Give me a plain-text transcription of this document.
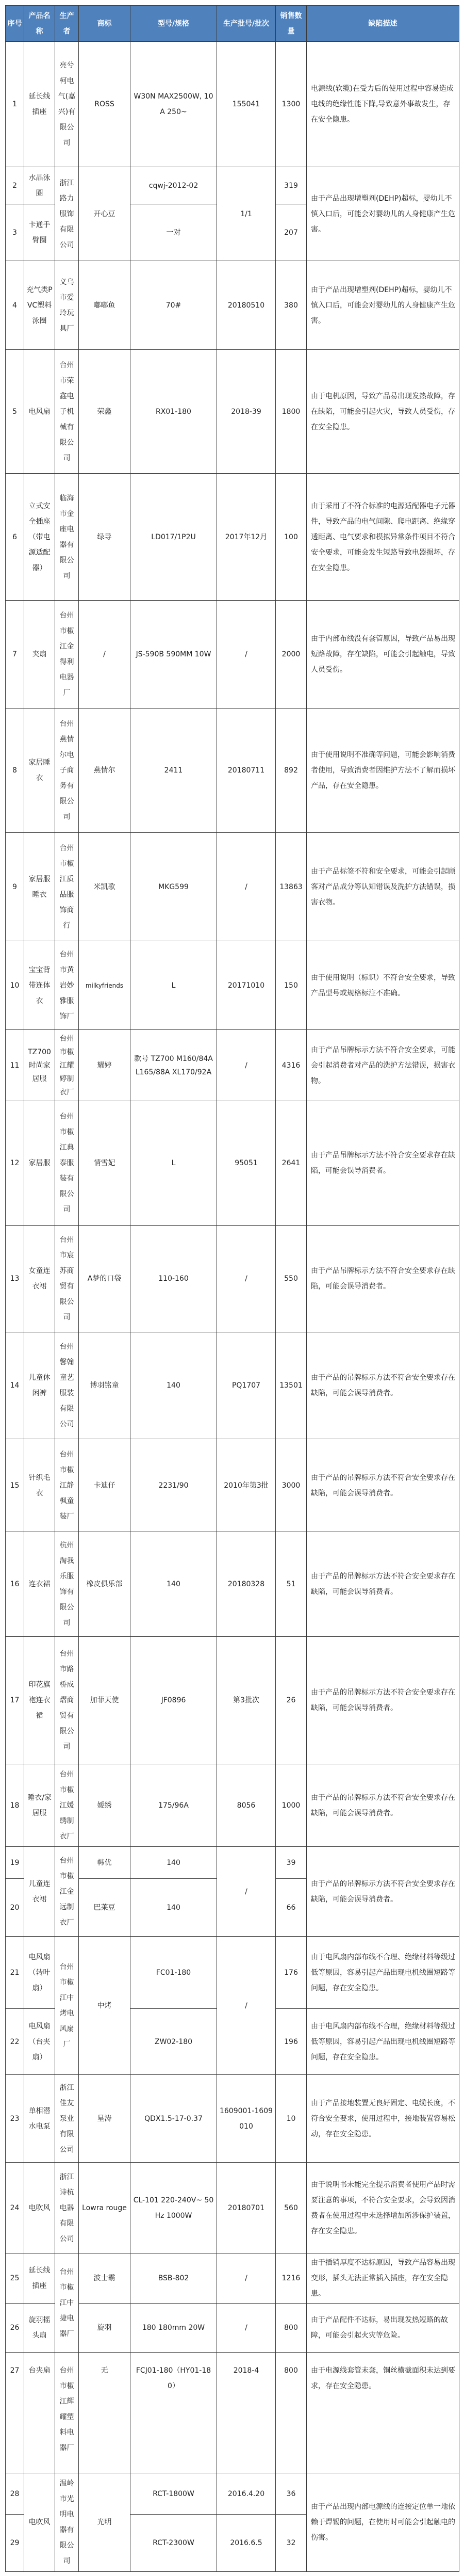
序号	产品名称	生产者	商标	型号/规格	生产批号/批次	销售数量	缺陷描述
1	延长线插座	亮兮柯电气(嘉兴)有限公司	ROSS	W30N MAX2500W, 10A 250~	155041	1300	电源线(软缆)在受力后的使用过程中容易造成电线的绝缘性能下降,导致意外事故发生，存在安全隐患。
2	水晶泳圈	浙江路力服饰有限公司	开心豆	cqwj-2012-02	1/1	319	由于产品出现增塑剂(DEHP)超标，婴幼儿不慎入口后，可能会对婴幼儿的人身健康产生危害。
3	卡通手臂圈			一对		207	
4	充气类PVC塑料泳圈	义乌市爱玲玩具厂	嘟嘟鱼	70#	20180510	380	由于产品出现增塑剂(DEHP)超标，婴幼儿不慎入口后，可能会对婴幼儿的人身健康产生危害。
5	电风扇	台州市荣鑫电子机械有限公司	荣鑫	RX01-180	2018-39	1800	由于电机原因，导致产品易出现发热故障，存在缺陷，可能会引起火灾，导致人员受伤，存在安全隐患。
6	立式安全插座（带电源适配器）	临海市金座电器有限公司	绿导	LD017/1P2U	2017年12月	100	由于采用了不符合标准的电源适配器电子元器件，导致产品的电气间隙、爬电距离、绝缘穿透距离、电气要求和模拟异常条件项目不符合安全要求，可能会发生短路导致电器损坏，存在安全隐患。
7	夹扇	台州市椒江金得利电器厂	/	JS-590B 590MM 10W	/	2000	由于内部布线没有套管原因，导致产品易出现短路故障，存在缺陷，可能会引起触电，导致人员受伤。
8	家居睡衣	台州燕情尔电子商务有限公司	燕情尔	2411	20180711	892	由于使用说明不准确等问题，可能会影响消费者使用，导致消费者因维护方法不了解而损坏产品，存在安全隐患。
9	家居服睡衣	台州市椒江质品服饰商行	米凯歌	MKG599	/	13863	由于产品标签不符和安全要求，可能会引起顾客对产品成分等认知错误及洗护方法错误，损害衣物。
10	宝宝背带连体衣	台州市黄岩妙雅服饰厂	milkyfriends	L	20171010	150	由于使用说明（标识）不符合安全要求，导致产品型号或规格标注不准确。
11	TZ700时尚家居服	台州市椒江耀婷制衣厂	耀婷	款号 TZ700 M160/84A L165/88A XL170/92A	/	4316	由于产品吊牌标示方法不符合安全要求，可能会引起消费者对产品的洗护方法错误，损害衣物。
12	家居服	台州市椒江典泰服装有限公司	情雪妃	L	95051	2641	由于产品吊牌标示方法不符合安全要求存在缺陷，可能会误导消费者。
13	女童连衣裙	台州市宸苏商贸有限公司	A梦的口袋	110-160	/	550	由于产品吊牌标示方法不符合安全要求存在缺陷，可能会误导消费者。
14	儿童休闲裤	台州馨翰童艺服装有限公司	博羽铭童	140	PQ1707	13501	由于产品的吊牌标示方法不符合安全要求存在缺陷，可能会误导消费者。
15	针织毛衣	台州市椒江静枫童装厂	卡迪仔	2231/90	2010年第3批	3000	由于产品的吊牌标示方法不符合安全要求存在缺陷，可能会误导消费者。
16	连衣裙	杭州淘我乐服饰有限公司	橡皮俱乐部	140	20180328	51	由于产品的吊牌标示方法不符合安全要求存在缺陷，可能会误导消费者。
17	印花旗袍连衣裙	台州市路桥成熠商贸有限公司	加菲天使	JF0896	第3批次	26	由于产品的吊牌标示方法不符合安全要求存在缺陷，可能会误导消费者。
18	睡衣/家居服	台州市椒江媛绣制衣厂	媛绣	175/96A	8056	1000	由于产品的吊牌标示方法不符合安全要求存在缺陷，可能会误导消费者。
19	儿童连衣裙	台州市椒江金远制衣厂	韩优	140	/	39	由于产品的吊牌标示方法不符合安全要求存在缺陷，可能会误导消费者。
20			巴莱豆	140		66	
21	电风扇（转叶扇）	台州市椒江中烤电风扇厂	中烤	FC01-180	/	176	由于电风扇内部布线不合理、绝缘材料等级过低等原因，容易引起产品出现电机线圈短路等问题，存在安全隐患。
22	电风扇（台夹扇）			ZW02-180		196	由于电风扇内部布线不合理，绝缘材料等级过低等原因，容易引起产品出现电机线圈短路等问题，存在安全隐患。
23	单相潜水电泵	浙江佳友泵业有限公司	星涛	QDX1.5-17-0.37	1609001-1609010	10	由于产品接地装置无良好固定、电缆长度，不符合安全要求，使用过程中，接地装置容易松动，存在安全隐患。
24	电吹风	浙江诗杭电器有限公司	Lowra rouge	CL-101 220-240V~ 50Hz 1000W	20180701	560	由于说明书未能完全提示消费者使用产品时需要注意的事项，不符合安全要求，会导致因消费者在使用过程中未选择增加所涉保护装置，存在安全隐患。
25	延长线插座	台州市椒江中捷电器厂	波士霸	BSB-802	/	1216	由于插销厚度不达标原因，导致产品容易出现变形，插头无法正常插入插座，存在安全隐患。
26	旋羽摇头扇		旋羽	180 180mm 20W	/	800	由于产品配件不达标，易出现发热短路的故障，可能会引起火灾等危险。
27	台夹扇	台州市椒江辉耀塑料电器厂	无	FCJ01-180（HY01-180）	2018-4	800	由于电源线套管未套，铜丝横截面积未达到要求，存在安全隐患。
28	电吹风	温岭市光明电器有限公司	光明	RCT-1800W	2016.4.20	36	由于产品出现内部电源线的连接定位单一地依赖于焊锡的问题，在使用时可能会引起触电的伤害。
29				RCT-2300W	2016.6.5	32	
